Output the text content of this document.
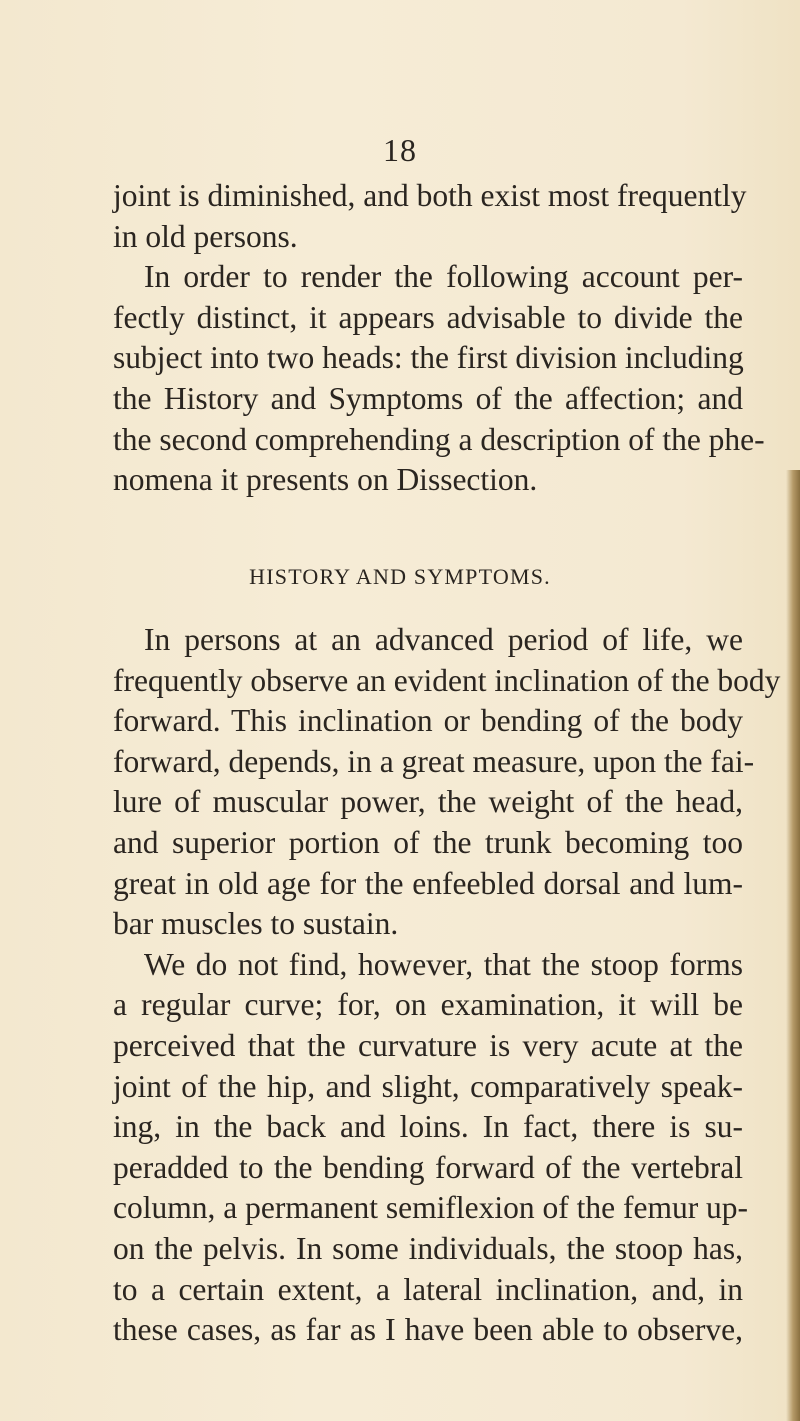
18
joint is diminished, and both exist most frequently
in old persons.
In order to render the following account per-
fectly distinct, it appears advisable to divide the
subject into two heads: the first division including
the History and Symptoms of the affection; and
the second comprehending a description of the phe-
nomena it presents on Dissection.
HISTORY AND SYMPTOMS.
In persons at an advanced period of life, we
frequently observe an evident inclination of the body
forward. This inclination or bending of the body
forward, depends, in a great measure, upon the fai-
lure of muscular power, the weight of the head,
and superior portion of the trunk becoming too
great in old age for the enfeebled dorsal and lum-
bar muscles to sustain.
We do not find, however, that the stoop forms
a regular curve; for, on examination, it will be
perceived that the curvature is very acute at the
joint of the hip, and slight, comparatively speak-
ing, in the back and loins. In fact, there is su-
peradded to the bending forward of the vertebral
column, a permanent semiflexion of the femur up-
on the pelvis. In some individuals, the stoop has,
to a certain extent, a lateral inclination, and, in
these cases, as far as I have been able to observe,
